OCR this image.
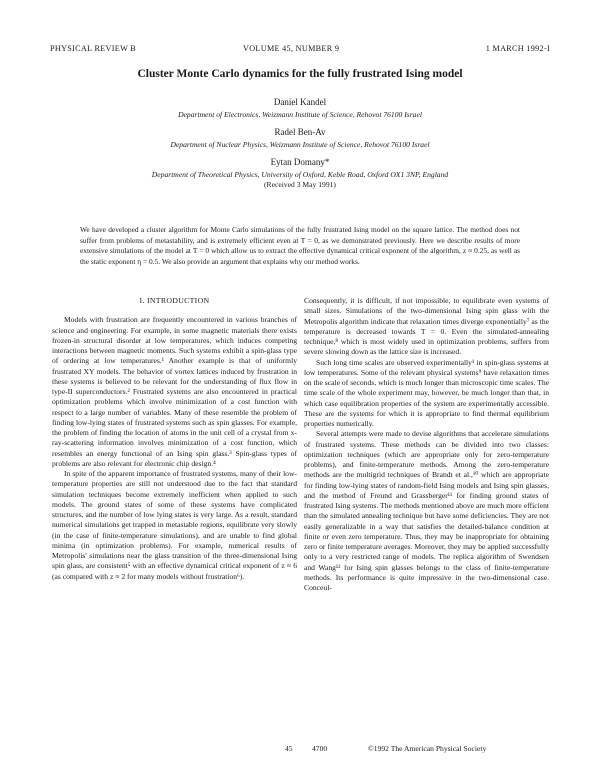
PHYSICAL REVIEW B	VOLUME 45, NUMBER 9	1 MARCH 1992-I
Cluster Monte Carlo dynamics for the fully frustrated Ising model
Daniel Kandel
Department of Electronics, Weizmann Institute of Science, Rehovot 76100 Israel
Radel Ben-Av
Department of Nuclear Physics, Weizmann Institute of Science, Rehovot 76100 Israel
Eytan Domany*
Department of Theoretical Physics, University of Oxford, Keble Road, Oxford OX1 3NP, England
(Received 3 May 1991)
We have developed a cluster algorithm for Monte Carlo simulations of the fully frustrated Ising model on the square lattice. The method does not suffer from problems of metastability, and is extremely efficient even at T = 0, as we demonstrated previously. Here we describe results of more extensive simulations of the model at T = 0 which allow us to extract the effective dynamical critical exponent of the algorithm, z ≈ 0.25, as well as the static exponent η = 0.5. We also provide an argument that explains why our method works.
I. INTRODUCTION

Models with frustration are frequently encountered in various branches of science and engineering. For example, in some magnetic materials there exists frozen-in structural disorder at low temperatures, which induces competing interactions between magnetic moments. Such systems exhibit a spin-glass type of ordering at low temperatures.¹ Another example is that of uniformly frustrated XY models. The behavior of vortex lattices induced by frustration in these systems is believed to be relevant for the understanding of flux flow in type-II superconductors.² Frustrated systems are also encountered in practical optimization problems which involve minimization of a cost function with respect to a large number of variables. Many of these resemble the problem of finding low-lying states of frustrated systems such as spin glasses. For example, the problem of finding the location of atoms in the unit cell of a crystal from x-ray-scattering information involves minimization of a cost function, which resembles an energy functional of an Ising spin glass.³ Spin-glass types of problems are also relevant for electronic chip design.⁴

In spite of the apparent importance of frustrated systems, many of their low-temperature properties are still not understood due to the fact that standard simulation techniques become extremely inefficient when applied to such models. The ground states of some of these systems have complicated structures, and the number of low lying states is very large. As a result, standard numerical simulations get trapped in metastable regions, equilibrate very slowly (in the case of finite-temperature simulations), and are unable to find global minima (in optimization problems). For example, numerical results of Metropolis' simulations near the glass transition of the three-dimensional Ising spin glass, are consistent⁵ with an effective dynamical critical exponent of z ≈ 6 (as compared with z ≈ 2 for many models without frustration⁶).

Consequently, it is difficult, if not impossible, to equilibrate even systems of small sizes. Simulations of the two-dimensional Ising spin glass with the Metropolis algorithm indicate that relaxation times diverge exponentially⁷ as the temperature is decreased towards T = 0. Even the simulated-annealing technique,⁸ which is most widely used in optimization problems, suffers from severe slowing down as the lattice size is increased.

Such long time scales are observed experimentally¹ in spin-glass systems at low temperatures. Some of the relevant physical systems⁹ have relaxation times on the scale of seconds, which is much longer than microscopic time scales. The time scale of the whole experiment may, however, be much longer than that, in which case equilibration properties of the system are experimentally accessible. These are the systems for which it is appropriate to find thermal equilibrium properties numerically.

Several attempts were made to devise algorithms that accelerate simulations of frustrated systems. These methods can be divided into two classes: optimization techniques (which are appropriate only for zero-temperature problems), and finite-temperature methods. Among the zero-temperature methods are the multigrid techniques of Brandt et al.,¹⁰ which are appropriate for finding low-lying states of random-field Ising models and Ising spin glasses, and the method of Freund and Grassberger¹¹ for finding ground states of frustrated Ising systems. The methods mentioned above are much more efficient than the simulated annealing technique but have some deficiencies. They are not easily generalizable in a way that satisfies the detailed-balance condition at finite or even zero temperature. Thus, they may be inappropriate for obtaining zero or finite temperature averages. Moreover, they may be applied successfully only to a very restricted range of models. The replica algorithm of Swendsen and Wang¹² for Ising spin glasses belongs to the class of finite-temperature methods. Its performance is quite impressive in the two-dimensional case. Conceul-

45	4700	©1992 The American Physical Society
